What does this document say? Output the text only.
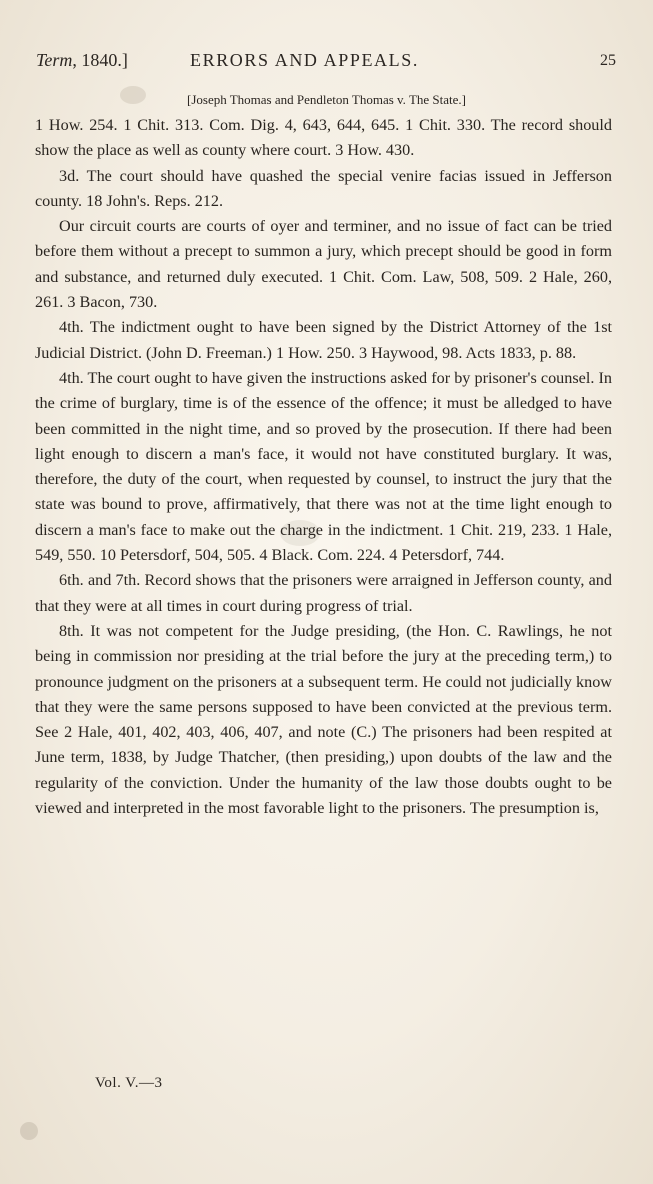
Term, 1840.]	ERRORS AND APPEALS.	25
[Joseph Thomas and Pendleton Thomas v. The State.]

1 How. 254. 1 Chit. 313. Com. Dig. 4, 643, 644, 645. 1 Chit. 330. The record should show the place as well as county where court. 3 How. 430.

3d. The court should have quashed the special venire facias issued in Jefferson county. 18 John's. Reps. 212.

Our circuit courts are courts of oyer and terminer, and no issue of fact can be tried before them without a precept to summon a jury, which precept should be good in form and substance, and returned duly executed. 1 Chit. Com. Law, 508, 509. 2 Hale, 260, 261. 3 Bacon, 730.

4th. The indictment ought to have been signed by the District Attorney of the 1st Judicial District. (John D. Freeman.) 1 How. 250. 3 Haywood, 98. Acts 1833, p. 88.

4th. The court ought to have given the instructions asked for by prisoner's counsel. In the crime of burglary, time is of the essence of the offence; it must be alledged to have been committed in the night time, and so proved by the prosecution. If there had been light enough to discern a man's face, it would not have constituted burglary. It was, therefore, the duty of the court, when requested by counsel, to instruct the jury that the state was bound to prove, affirmatively, that there was not at the time light enough to discern a man's face to make out the charge in the indictment. 1 Chit. 219, 233. 1 Hale, 549, 550. 10 Petersdorf, 504, 505. 4 Black. Com. 224. 4 Petersdorf, 744.

6th. and 7th. Record shows that the prisoners were arraigned in Jefferson county, and that they were at all times in court during progress of trial.

8th. It was not competent for the Judge presiding, (the Hon. C. Rawlings, he not being in commission nor presiding at the trial before the jury at the preceding term,) to pronounce judgment on the prisoners at a subsequent term. He could not judicially know that they were the same persons supposed to have been convicted at the previous term. See 2 Hale, 401, 402, 403, 406, 407, and note (C.) The prisoners had been respited at June term, 1838, by Judge Thatcher, (then presiding,) upon doubts of the law and the regularity of the conviction. Under the humanity of the law those doubts ought to be viewed and interpreted in the most favorable light to the prisoners. The presumption is,

Vol. V.—3
